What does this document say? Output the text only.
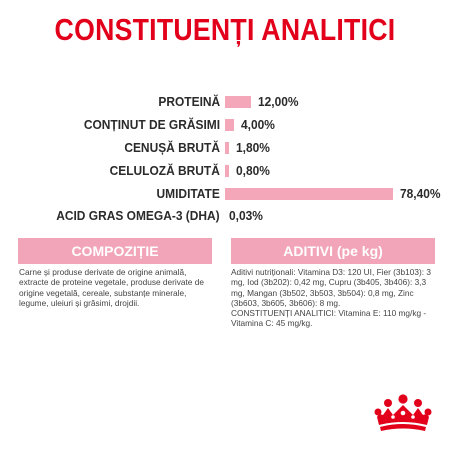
CONSTITUENȚI ANALITICI
PROTEINĂ	12,00%
CONȚINUT DE GRĂSIMI 4,00%
CENUȘĂ BRUTĂ 1,80%
CELULOZĂ BRUTĂ 0,80%
UMIDITATE	78,40%
ACID GRAS OMEGA-3 (DHA) 0,03%
COMPOZIȚIE	ADITIVI (pe kg)
Carne și produse derivate de origine animală, extracte de proteine vegetale, produse derivate de origine vegetală, cereale, substanțe minerale, legume, uleiuri și grăsimi, drojdii.
Aditivi nutriționali: Vitamina D3: 120 UI, Fier (3b103): 3 mg, Iod (3b202): 0,42 mg, Cupru (3b405, 3b406): 3,3 mg, Mangan (3b502, 3b503, 3b504): 0,8 mg, Zinc (3b603, 3b605, 3b606): 8 mg.
CONSTITUENȚI ANALITICI: Vitamina E: 110 mg/kg - Vitamina C: 45 mg/kg.
